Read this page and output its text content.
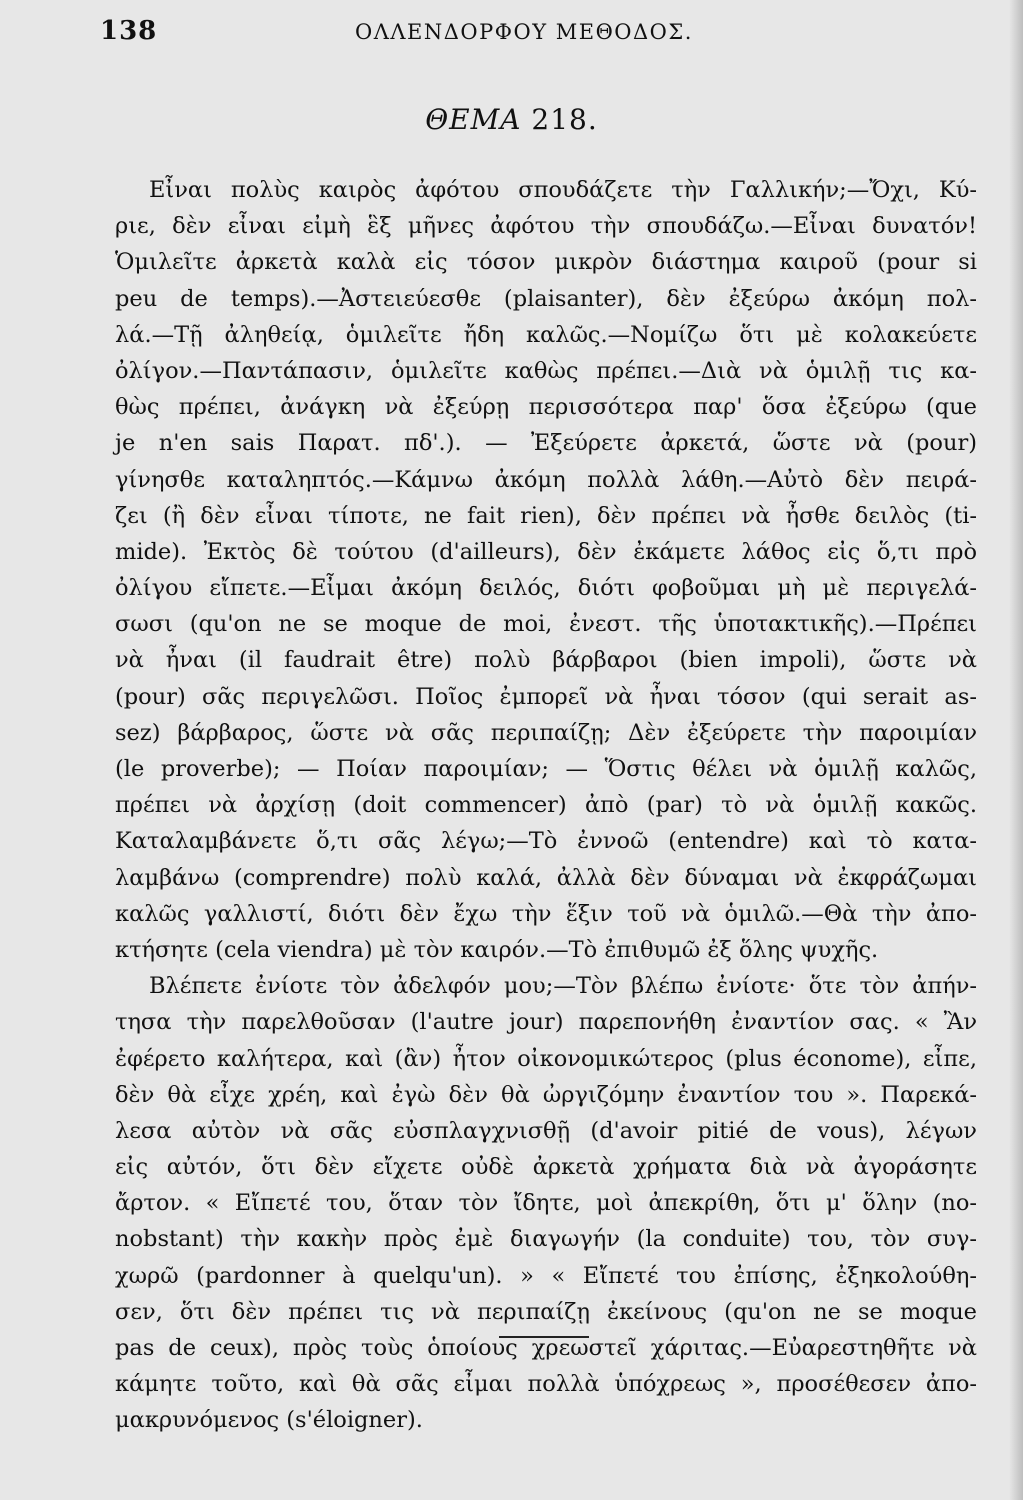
138	ΟΛΛΕΝΔΟΡΦΟΥ ΜΕΘΟΔΟΣ.
ΘΕΜΑ 218.
Εἶναι πολὺς καιρὸς ἀφότου σπουδάζετε τὴν Γαλλικήν;—Ὄχι, Κύ-
ριε, δὲν εἶναι εἰμὴ ἓξ μῆνες ἀφότου τὴν σπουδάζω.—Εἶναι δυνατόν!
Ὁμιλεῖτε ἀρκετὰ καλὰ εἰς τόσον μικρὸν διάστημα καιροῦ (pour si
peu de temps).—Ἀστειεύεσθε (plaisanter), δὲν ἐξεύρω ἀκόμη πολ-
λά.—Τῇ ἀληθείᾳ, ὁμιλεῖτε ἤδη καλῶς.—Νομίζω ὅτι μὲ κολακεύετε
ὀλίγον.—Παντάπασιν, ὁμιλεῖτε καθὼς πρέπει.—Διὰ νὰ ὁμιλῇ τις κα-
θὼς πρέπει, ἀνάγκη νὰ ἐξεύρῃ περισσότερα παρ' ὅσα ἐξεύρω (que
je n'en sais Παρατ. πδ'.). — Ἐξεύρετε ἀρκετά, ὥστε νὰ (pour)
γίνησθε καταληπτός.—Κάμνω ἀκόμη πολλὰ λάθη.—Αὐτὸ δὲν πειρά-
ζει (ἢ δὲν εἶναι τίποτε, ne fait rien), δὲν πρέπει νὰ ἦσθε δειλὸς (ti-
mide). Ἐκτὸς δὲ τούτου (d'ailleurs), δὲν ἐκάμετε λάθος εἰς ὅ,τι πρὸ
ὀλίγου εἴπετε.—Εἶμαι ἀκόμη δειλός, διότι φοβοῦμαι μὴ μὲ περιγελά-
σωσι (qu'on ne se moque de moi, ἐνεστ. τῆς ὑποτακτικῆς).—Πρέπει
νὰ ἦναι (il faudrait être) πολὺ βάρβαροι (bien impoli), ὥστε νὰ
(pour) σᾶς περιγελῶσι. Ποῖος ἐμπορεῖ νὰ ἦναι τόσον (qui serait as-
sez) βάρβαρος, ὥστε νὰ σᾶς περιπαίζῃ; Δὲν ἐξεύρετε τὴν παροιμίαν
(le proverbe); — Ποίαν παροιμίαν; — Ὅστις θέλει νὰ ὁμιλῇ καλῶς,
πρέπει νὰ ἀρχίσῃ (doit commencer) ἀπὸ (par) τὸ νὰ ὁμιλῇ κακῶς.
Καταλαμβάνετε ὅ,τι σᾶς λέγω;—Τὸ ἐννοῶ (entendre) καὶ τὸ κατα-
λαμβάνω (comprendre) πολὺ καλά, ἀλλὰ δὲν δύναμαι νὰ ἐκφράζωμαι
καλῶς γαλλιστί, διότι δὲν ἔχω τὴν ἕξιν τοῦ νὰ ὁμιλῶ.—Θὰ τὴν ἀπο-
κτήσητε (cela viendra) μὲ τὸν καιρόν.—Τὸ ἐπιθυμῶ ἐξ ὅλης ψυχῆς.
Βλέπετε ἐνίοτε τὸν ἀδελφόν μου;—Τὸν βλέπω ἐνίοτε· ὅτε τὸν ἀπήν-
τησα τὴν παρελθοῦσαν (l'autre jour) παρεπονήθη ἐναντίον σας. « Ἂν
ἐφέρετο καλήτερα, καὶ (ἂν) ἦτον οἰκονομικώτερος (plus économe), εἶπε,
δὲν θὰ εἶχε χρέη, καὶ ἐγὼ δὲν θὰ ὠργιζόμην ἐναντίον του ». Παρεκά-
λεσα αὐτὸν νὰ σᾶς εὐσπλαγχνισθῇ (d'avoir pitié de vous), λέγων
εἰς αὐτόν, ὅτι δὲν εἴχετε οὐδὲ ἀρκετὰ χρήματα διὰ νὰ ἀγοράσητε
ἄρτον. « Εἴπετέ του, ὅταν τὸν ἴδητε, μοὶ ἀπεκρίθη, ὅτι μ' ὅλην (no-
nobstant) τὴν κακὴν πρὸς ἐμὲ διαγωγήν (la conduite) του, τὸν συγ-
χωρῶ (pardonner à quelqu'un). » « Εἴπετέ του ἐπίσης, ἐξηκολούθη-
σεν, ὅτι δὲν πρέπει τις νὰ περιπαίζῃ ἐκείνους (qu'on ne se moque
pas de ceux), πρὸς τοὺς ὁποίους χρεωστεῖ χάριτας.—Εὐαρεστηθῆτε νὰ
κάμητε τοῦτο, καὶ θὰ σᾶς εἶμαι πολλὰ ὑπόχρεως », προσέθεσεν ἀπο-
μακρυνόμενος (s'éloigner).
